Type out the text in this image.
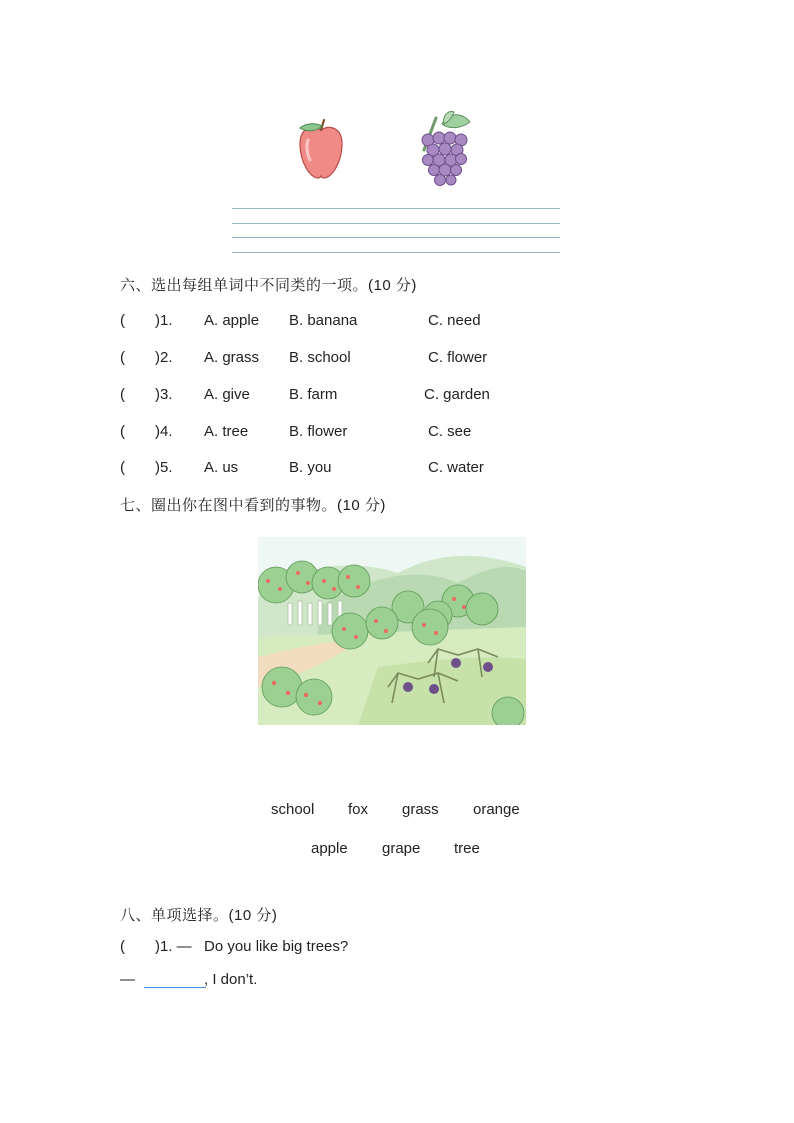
六、选出每组单词中不同类的一项。(10 分)
( )1. A. apple B. banana	C. need
( )2. A. grass B. school	C. flower
( )3. A. give	B. farm	C. garden
( )4. A. tree	B. flower	C. see
( )5. A. us	B. you	C. water
七、圈出你在图中看到的事物。(10 分)
school fox grass orange
apple grape tree
八、单项选择。(10 分)
( )1. — Do you like big trees?
—	, I don’t.
